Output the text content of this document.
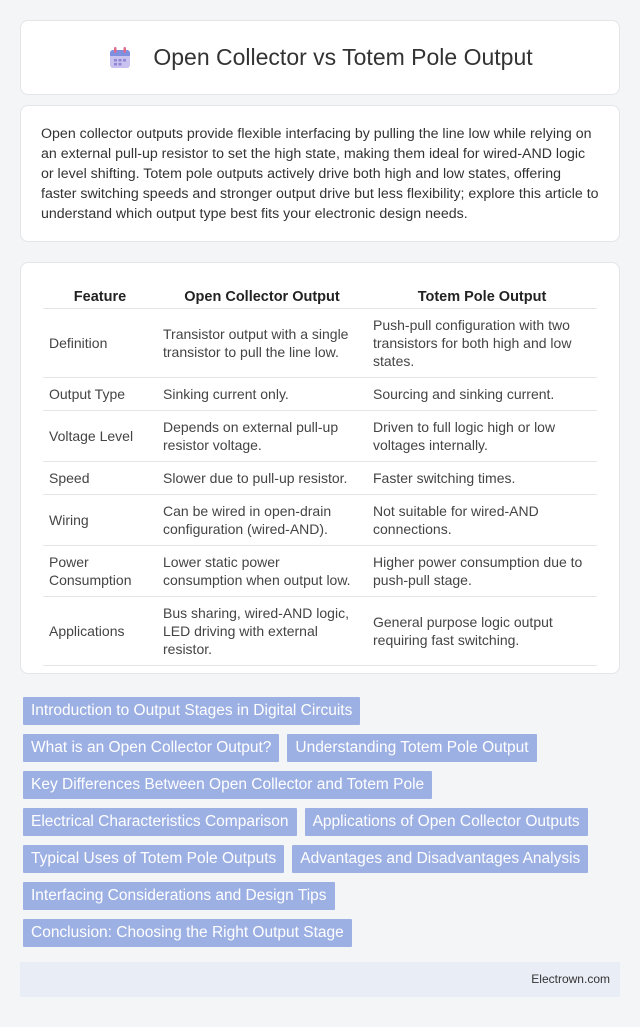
Open Collector vs Totem Pole Output

Open collector outputs provide flexible interfacing by pulling the line low while relying on an external pull-up resistor to set the high state, making them ideal for wired-AND logic or level shifting. Totem pole outputs actively drive both high and low states, offering faster switching speeds and stronger output drive but less flexibility; explore this article to understand which output type best fits your electronic design needs.

Feature	Open Collector Output	Totem Pole Output
Definition	Transistor output with a single transistor to pull the line low.	Push-pull configuration with two transistors for both high and low states.
Output Type	Sinking current only.	Sourcing and sinking current.
Voltage Level	Depends on external pull-up resistor voltage.	Driven to full logic high or low voltages internally.
Speed	Slower due to pull-up resistor.	Faster switching times.
Wiring	Can be wired in open-drain configuration (wired-AND).	Not suitable for wired-AND connections.
Power Consumption	Lower static power consumption when output low.	Higher power consumption due to push-pull stage.
Applications	Bus sharing, wired-AND logic, LED driving with external resistor.	General purpose logic output requiring fast switching.
Introduction to Output Stages in Digital Circuits
What is an Open Collector Output?	Understanding Totem Pole Output
Key Differences Between Open Collector and Totem Pole
Electrical Characteristics Comparison	Applications of Open Collector Outputs
Typical Uses of Totem Pole Outputs	Advantages and Disadvantages Analysis
Interfacing Considerations and Design Tips
Conclusion: Choosing the Right Output Stage
Electrown.com
